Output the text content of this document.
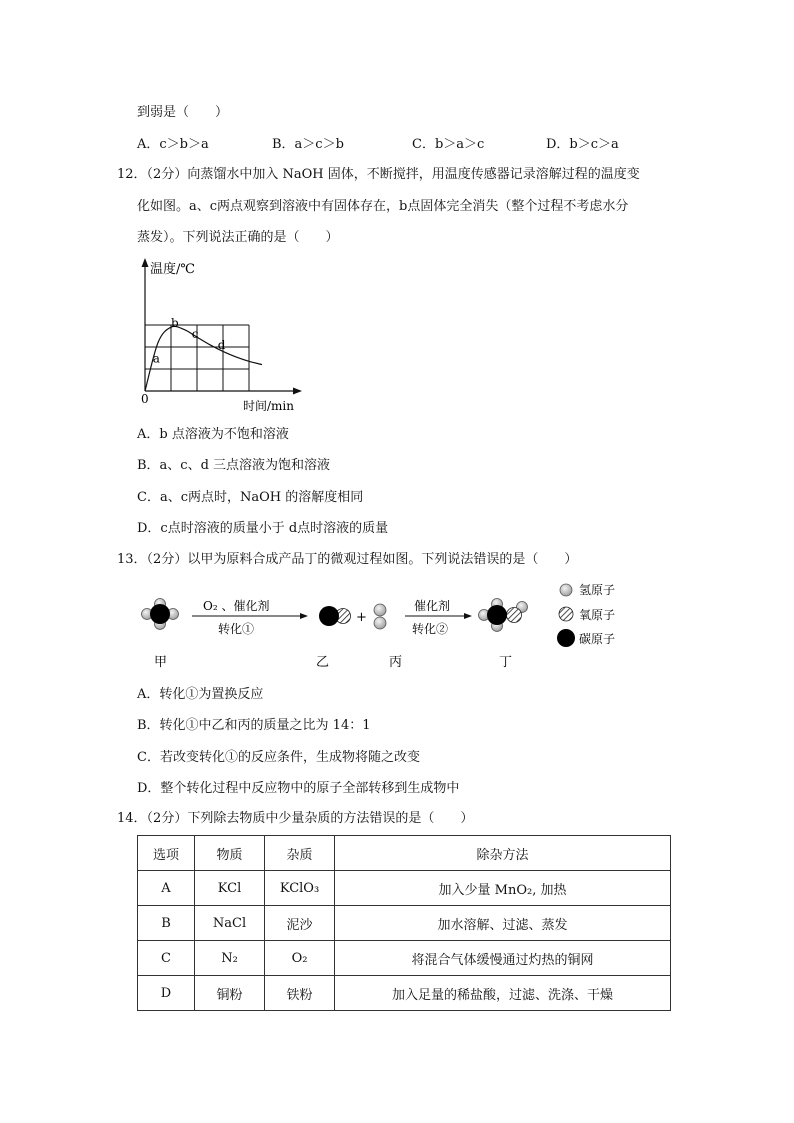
到弱是（　　）
A．c＞b＞a	B．a＞c＞b	C．b＞a＞c	D．b＞c＞a
12．（2分）向蒸馏水中加入 NaOH 固体，不断搅拌，用温度传感器记录溶解过程的温度变
化如图。a、c两点观察到溶液中有固体存在，b点固体完全消失（整个过程不考虑水分
蒸发）。下列说法正确的是（　　）
温度/℃
时间/min
0
a
b
c
d
A．b 点溶液为不饱和溶液
B．a、c、d 三点溶液为饱和溶液
C．a、c两点时，NaOH 的溶解度相同
D．c点时溶液的质量小于 d点时溶液的质量
13．（2分）以甲为原料合成产品丁的微观过程如图。下列说法错误的是（　　）
O₂ 、催化剂
转化①
+
催化剂
转化②
氢原子
氧原子
碳原子
甲	乙	丙	丁
A．转化①为置换反应
B．转化①中乙和丙的质量之比为 14：1
C．若改变转化①的反应条件，生成物将随之改变
D．整个转化过程中反应物中的原子全部转移到生成物中
14．（2分）下列除去物质中少量杂质的方法错误的是（　　）
选项	物质	杂质	除杂方法
A	KCl	KClO₃	加入少量 MnO₂, 加热
B	NaCl	泥沙	加水溶解、过滤、蒸发
C	N₂	O₂	将混合气体缓慢通过灼热的铜网
D	铜粉	铁粉	加入足量的稀盐酸，过滤、洗涤、干燥
